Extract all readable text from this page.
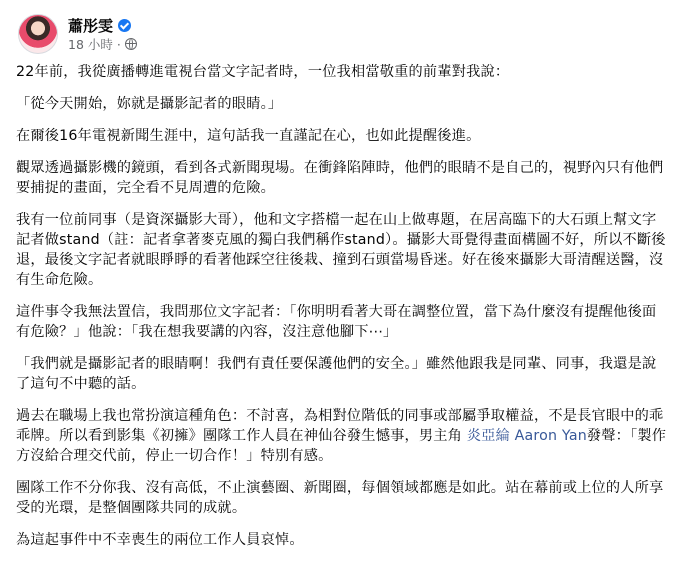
蕭彤雯
18 小時 ·

22年前，我從廣播轉進電視台當文字記者時，一位我相當敬重的前輩對我說：

「從今天開始，妳就是攝影記者的眼睛。」

在爾後16年電視新聞生涯中，這句話我一直謹記在心，也如此提醒後進。

觀眾透過攝影機的鏡頭，看到各式新聞現場。在衝鋒陷陣時，他們的眼睛不是自己的，視野內只有他們要捕捉的畫面，完全看不見周遭的危險。

我有一位前同事（是資深攝影大哥），他和文字搭檔一起在山上做專題，在居高臨下的大石頭上幫文字記者做stand（註：記者拿著麥克風的獨白我們稱作stand）。攝影大哥覺得畫面構圖不好，所以不斷後退，最後文字記者就眼睜睜的看著他踩空往後栽、撞到石頭當場昏迷。好在後來攝影大哥清醒送醫，沒有生命危險。

這件事令我無法置信，我問那位文字記者：「你明明看著大哥在調整位置，當下為什麼沒有提醒他後面有危險？」他說：「我在想我要講的內容，沒注意他腳下⋯」

「我們就是攝影記者的眼睛啊！我們有責任要保護他們的安全。」雖然他跟我是同輩、同事，我還是說了這句不中聽的話。

過去在職場上我也常扮演這種角色：不討喜，為相對位階低的同事或部屬爭取權益，不是長官眼中的乖乖牌。所以看到影集《初擁》團隊工作人員在神仙谷發生憾事，男主角 炎亞綸 Aaron Yan發聲：「製作方沒給合理交代前，停止一切合作！」特別有感。

團隊工作不分你我、沒有高低，不止演藝圈、新聞圈，每個領域都應是如此。站在幕前或上位的人所享受的光環，是整個團隊共同的成就。

為這起事件中不幸喪生的兩位工作人員哀悼。
